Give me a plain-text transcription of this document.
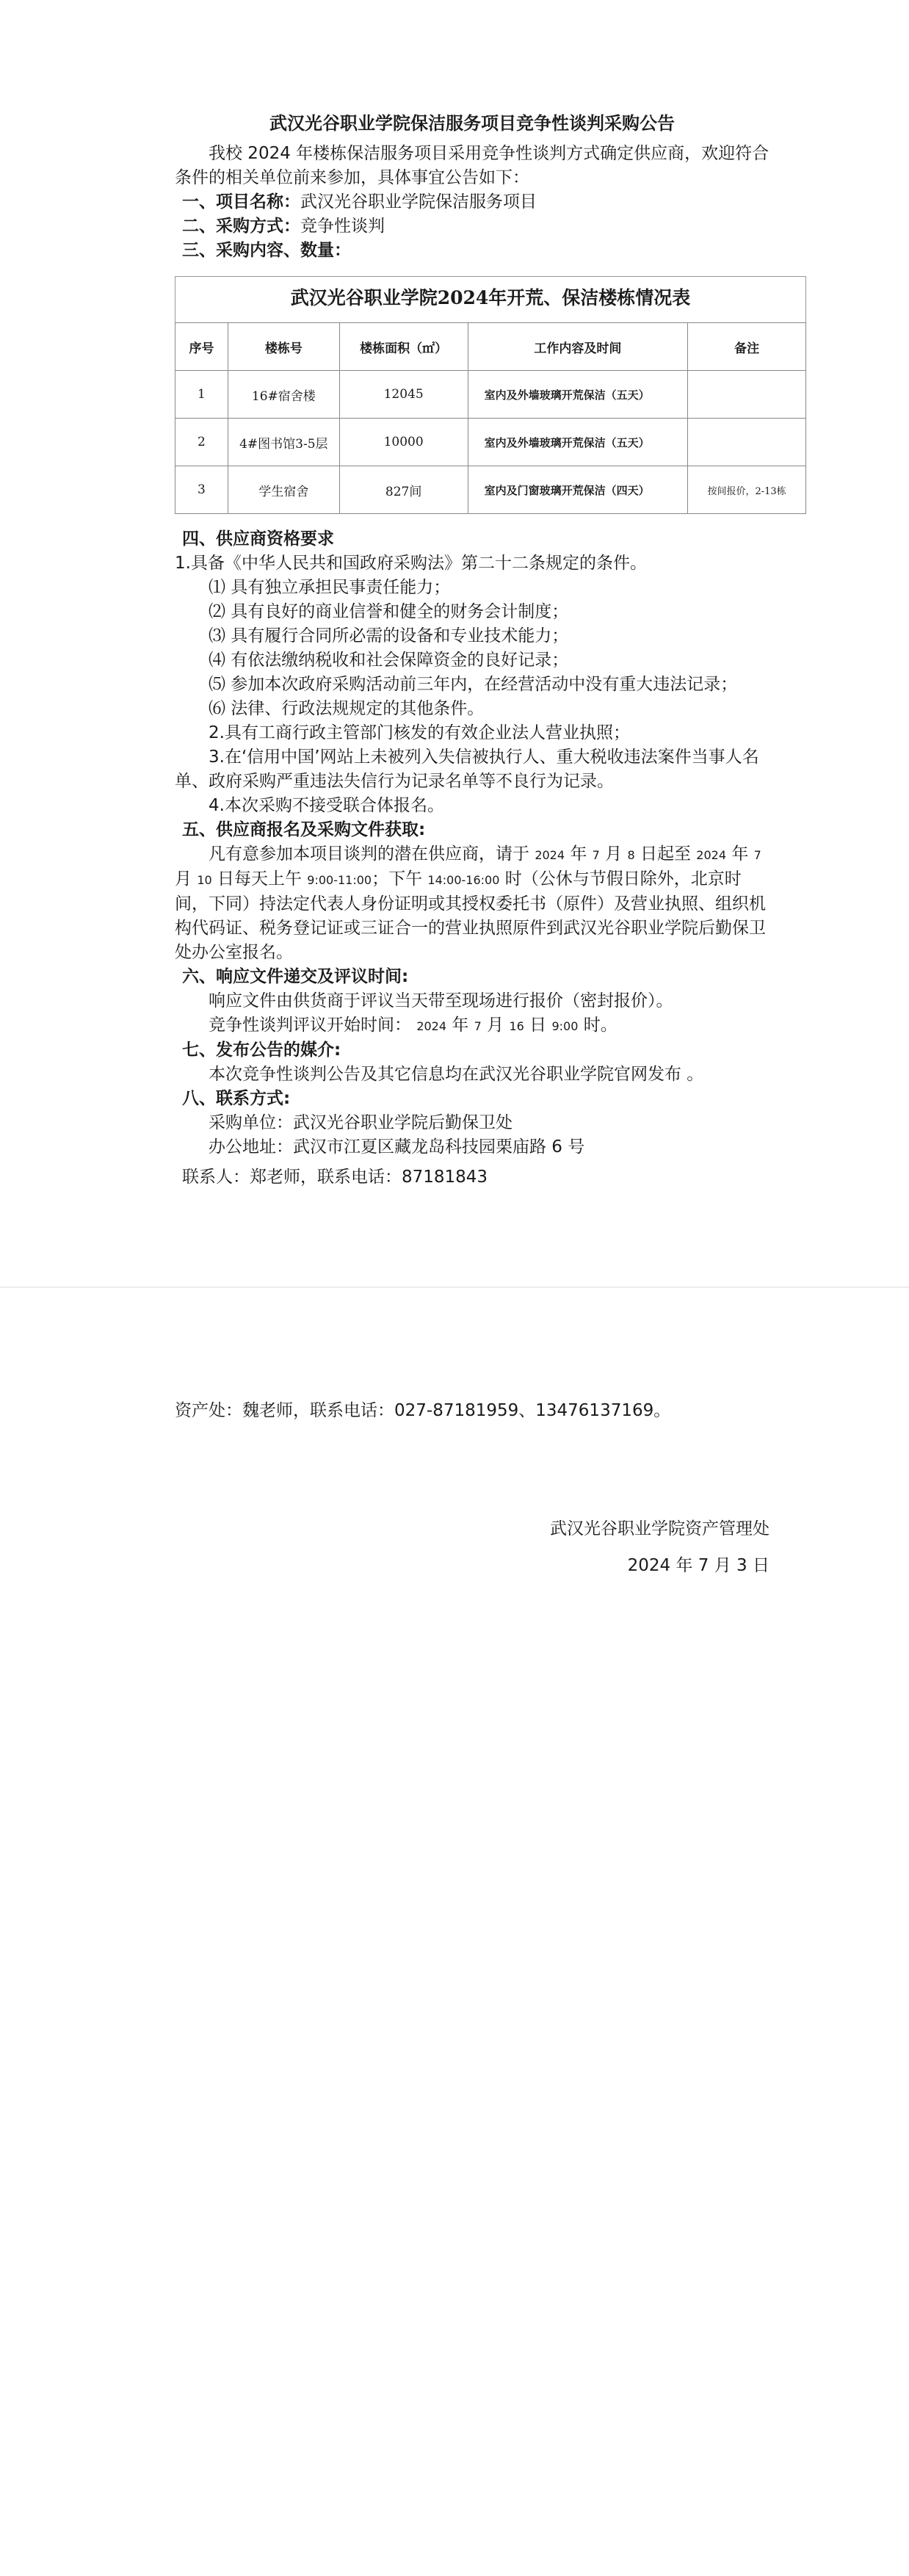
武汉光谷职业学院保洁服务项目竞争性谈判采购公告

我校 2024 年楼栋保洁服务项目采用竞争性谈判方式确定供应商，欢迎符合条件的相关单位前来参加，具体事宜公告如下：

一、项目名称：武汉光谷职业学院保洁服务项目

二、采购方式：竞争性谈判

三、采购内容、数量：

武汉光谷职业学院2024年开荒、保洁楼栋情况表
序号	楼栋号	楼栋面积（㎡）	工作内容及时间	备注
1	16#宿舍楼	12045	室内及外墙玻璃开荒保洁（五天）	
2	4#图书馆3-5层	10000	室内及外墙玻璃开荒保洁（五天）	
3	学生宿舍	827间	室内及门窗玻璃开荒保洁（四天）	按间报价，2-13栋

四、供应商资格要求

1.具备《中华人民共和国政府采购法》第二十二条规定的条件。

⑴ 具有独立承担民事责任能力；

⑵ 具有良好的商业信誉和健全的财务会计制度；

⑶ 具有履行合同所必需的设备和专业技术能力；

⑷ 有依法缴纳税收和社会保障资金的良好记录；

⑸ 参加本次政府采购活动前三年内，在经营活动中没有重大违法记录；

⑹ 法律、行政法规规定的其他条件。

2.具有工商行政主管部门核发的有效企业法人营业执照；

3.在‘信用中国’网站上未被列入失信被执行人、重大税收违法案件当事人名单、政府采购严重违法失信行为记录名单等不良行为记录。

4.本次采购不接受联合体报名。

五、供应商报名及采购文件获取:

凡有意参加本项目谈判的潜在供应商，请于 2024 年 7 月 8 日起至 2024 年 7 月 10 日每天上午 9:00-11:00；下午 14:00-16:00 时（公休与节假日除外，北京时间，下同）持法定代表人身份证明或其授权委托书（原件）及营业执照、组织机构代码证、税务登记证或三证合一的营业执照原件到武汉光谷职业学院后勤保卫处办公室报名。

六、响应文件递交及评议时间:

响应文件由供货商于评议当天带至现场进行报价（密封报价）。

竞争性谈判评议开始时间： 2024 年 7 月 16 日 9:00 时。

七、发布公告的媒介:

本次竞争性谈判公告及其它信息均在武汉光谷职业学院官网发布 。

八、联系方式:

采购单位：武汉光谷职业学院后勤保卫处

办公地址：武汉市江夏区藏龙岛科技园栗庙路 6 号

联系人：郑老师，联系电话：87181843

资产处：魏老师，联系电话：027-87181959、13476137169。

武汉光谷职业学院资产管理处

2024 年 7 月 3 日
